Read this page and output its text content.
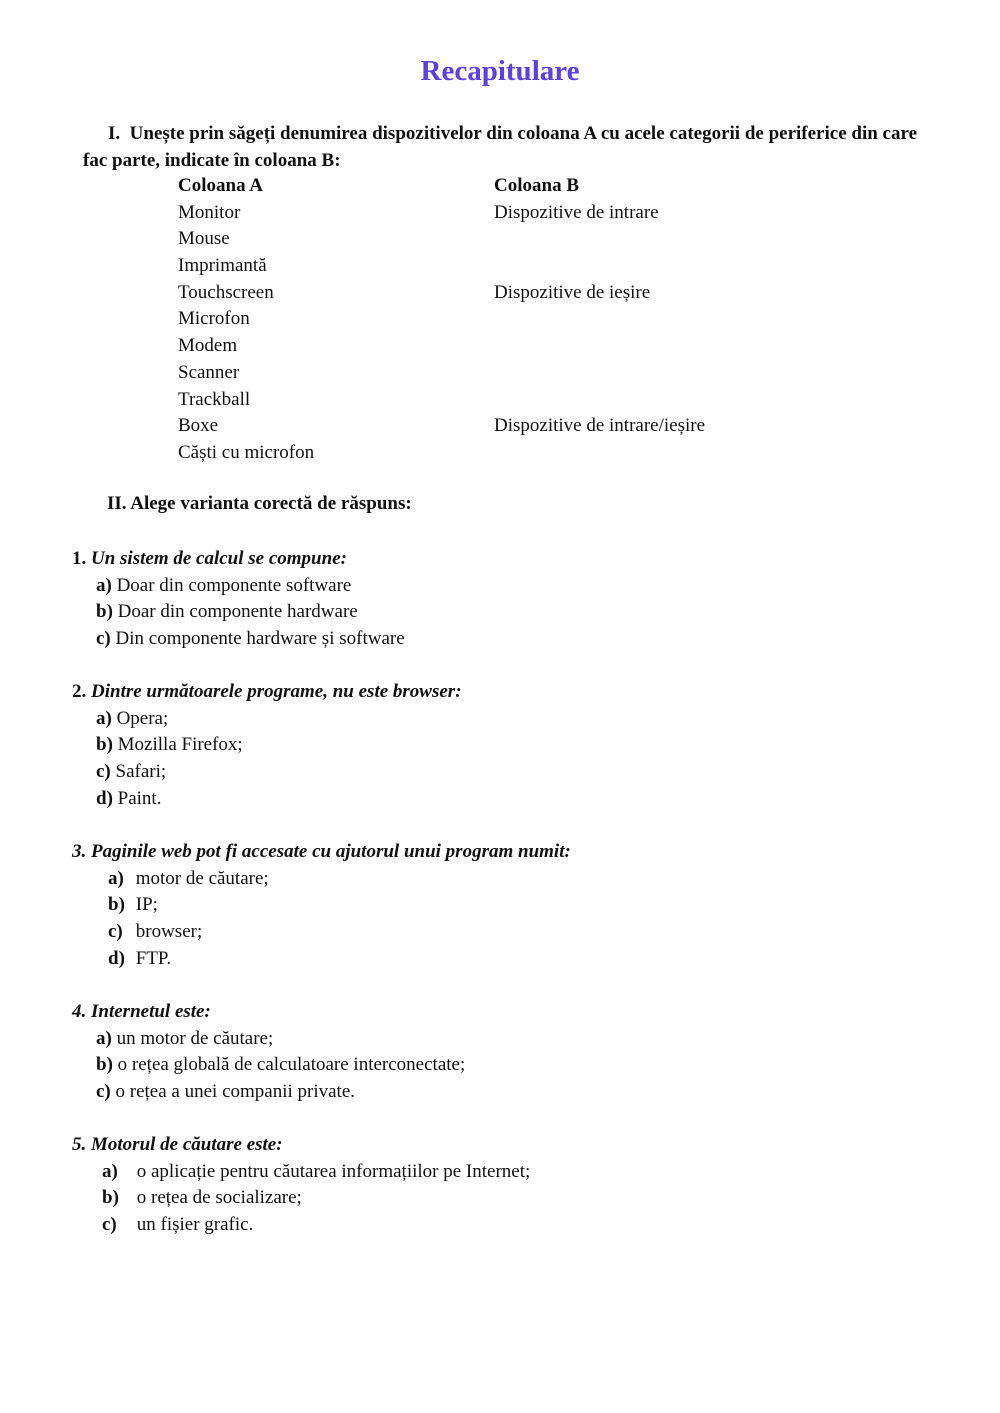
Recapitulare
I. Unește prin săgeți denumirea dispozitivelor din coloana A cu acele categorii de periferice din care fac parte, indicate în coloana B:
Coloana A
Monitor
Mouse
Imprimantă
Touchscreen
Microfon
Modem
Scanner
Trackball
Boxe
Căști cu microfon
Coloana B
Dispozitive de intrare
Dispozitive de ieșire
Dispozitive de intrare/ieșire
II. Alege varianta corectă de răspuns:
1. Un sistem de calcul se compune:
a) Doar din componente software
b) Doar din componente hardware
c) Din componente hardware și software
2. Dintre următoarele programe, nu este browser:
a) Opera;
b) Mozilla Firefox;
c) Safari;
d) Paint.
3. Paginile web pot fi accesate cu ajutorul unui program numit:
a) motor de căutare;
b) IP;
c) browser;
d) FTP.
4. Internetul este:
a) un motor de căutare;
b) o rețea globală de calculatoare interconectate;
c) o rețea a unei companii private.
5. Motorul de căutare este:
a) o aplicație pentru căutarea informațiilor pe Internet;
b) o rețea de socializare;
c) un fișier grafic.
